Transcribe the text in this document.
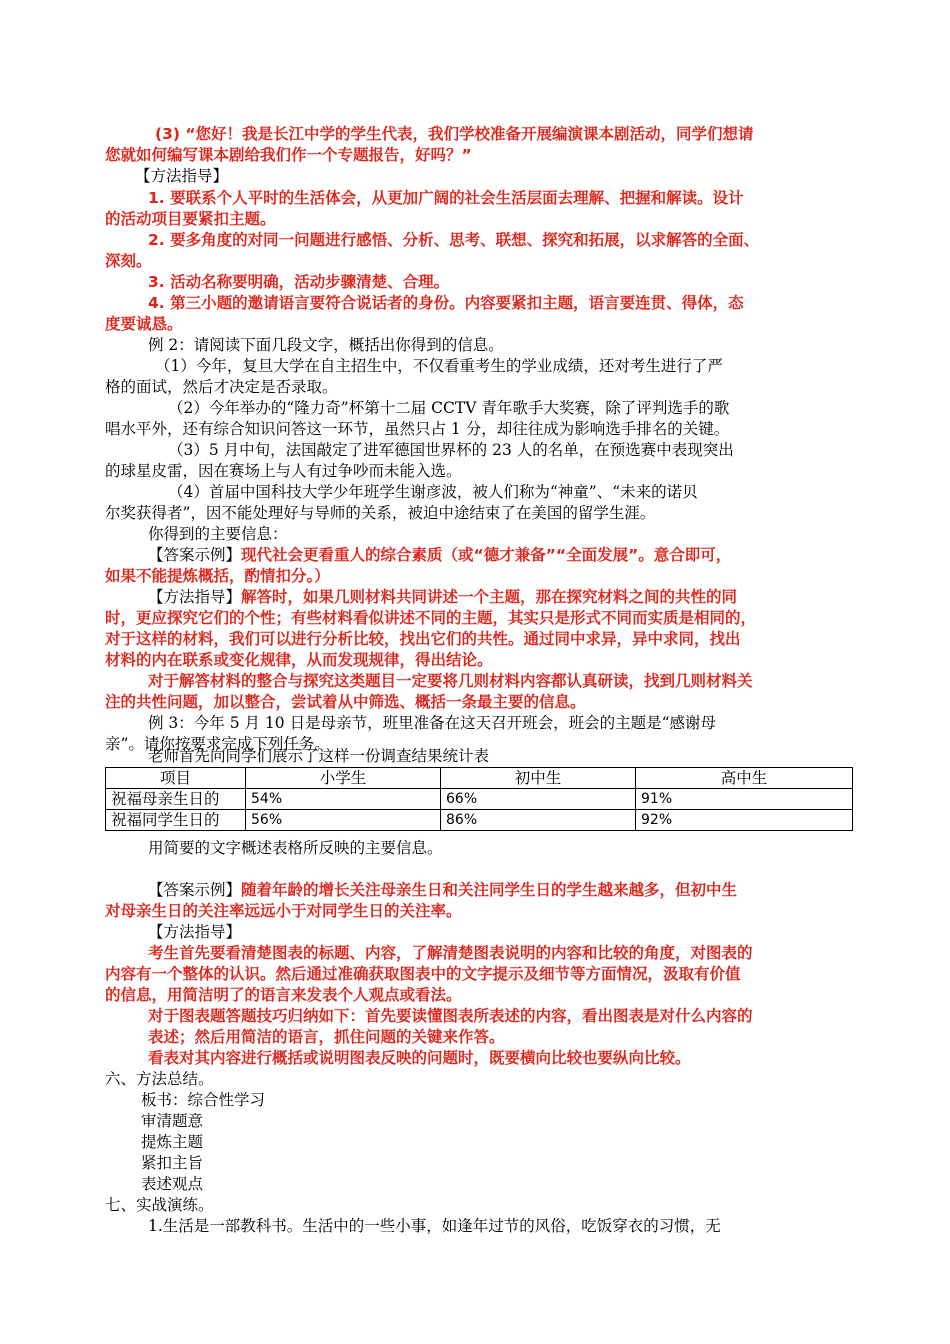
(3) “您好！我是长江中学的学生代表，我们学校准备开展编演课本剧活动，同学们想请
您就如何编写课本剧给我们作一个专题报告，好吗？”
【方法指导】
1. 要联系个人平时的生活体会，从更加广阔的社会生活层面去理解、把握和解读。设计
的活动项目要紧扣主题。
2. 要多角度的对同一问题进行感悟、分析、思考、联想、探究和拓展，以求解答的全面、
深刻。
3. 活动名称要明确，活动步骤清楚、合理。
4. 第三小题的邀请语言要符合说话者的身份。内容要紧扣主题，语言要连贯、得体，态
度要诚恳。
例 2：请阅读下面几段文字，概括出你得到的信息。
（1）今年，复旦大学在自主招生中，不仅看重考生的学业成绩，还对考生进行了严
格的面试，然后才决定是否录取。
（2）今年举办的“隆力奇”杯第十二届 CCTV 青年歌手大奖赛，除了评判选手的歌
唱水平外，还有综合知识问答这一环节，虽然只占 1 分，却往往成为影响选手排名的关键。
（3）5 月中旬，法国敲定了进军德国世界杯的 23 人的名单，在预选赛中表现突出
的球星皮雷，因在赛场上与人有过争吵而未能入选。
（4）首届中国科技大学少年班学生谢彦波，被人们称为“神童”、“未来的诺贝
尔奖获得者”，因不能处理好与导师的关系，被迫中途结束了在美国的留学生涯。
你得到的主要信息：
【答案示例】现代社会更看重人的综合素质（或“德才兼备”“全面发展”。意合即可，
如果不能提炼概括，酌情扣分。）
【方法指导】解答时，如果几则材料共同讲述一个主题，那在探究材料之间的共性的同
时，更应探究它们的个性；有些材料看似讲述不同的主题，其实只是形式不同而实质是相同的，
对于这样的材料，我们可以进行分析比较，找出它们的共性。通过同中求异，异中求同，找出
材料的内在联系或变化规律，从而发现规律，得出结论。
对于解答材料的整合与探究这类题目一定要将几则材料内容都认真研读，找到几则材料关
注的共性问题，加以整合，尝试着从中筛选、概括一条最主要的信息。
例 3：今年 5 月 10 日是母亲节，班里准备在这天召开班会，班会的主题是“感谢母
亲”。请你按要求完成下列任务。
老师首先向同学们展示了这样一份调查结果统计表
用简要的文字概述表格所反映的主要信息。
【答案示例】随着年龄的增长关注母亲生日和关注同学生日的学生越来越多，但初中生
对母亲生日的关注率远远小于对同学生日的关注率。
【方法指导】
考生首先要看清楚图表的标题、内容，了解清楚图表说明的内容和比较的角度，对图表的
内容有一个整体的认识。然后通过准确获取图表中的文字提示及细节等方面情况，汲取有价值
的信息，用简洁明了的语言来发表个人观点或看法。
对于图表题答题技巧归纳如下：首先要读懂图表所表述的内容，看出图表是对什么内容的
表述；然后用简洁的语言，抓住问题的关键来作答。
看表对其内容进行概括或说明图表反映的问题时，既要横向比较也要纵向比较。
六、方法总结。
板书：综合性学习
审清题意
提炼主题
紧扣主旨
表述观点
七、实战演练。
1.生活是一部教科书。生活中的一些小事，如逢年过节的风俗，吃饭穿衣的习惯，无
项目	小学生	初中生	高中生
祝福母亲生日的	54%	66%	91%
祝福同学生日的	56%	86%	92%
